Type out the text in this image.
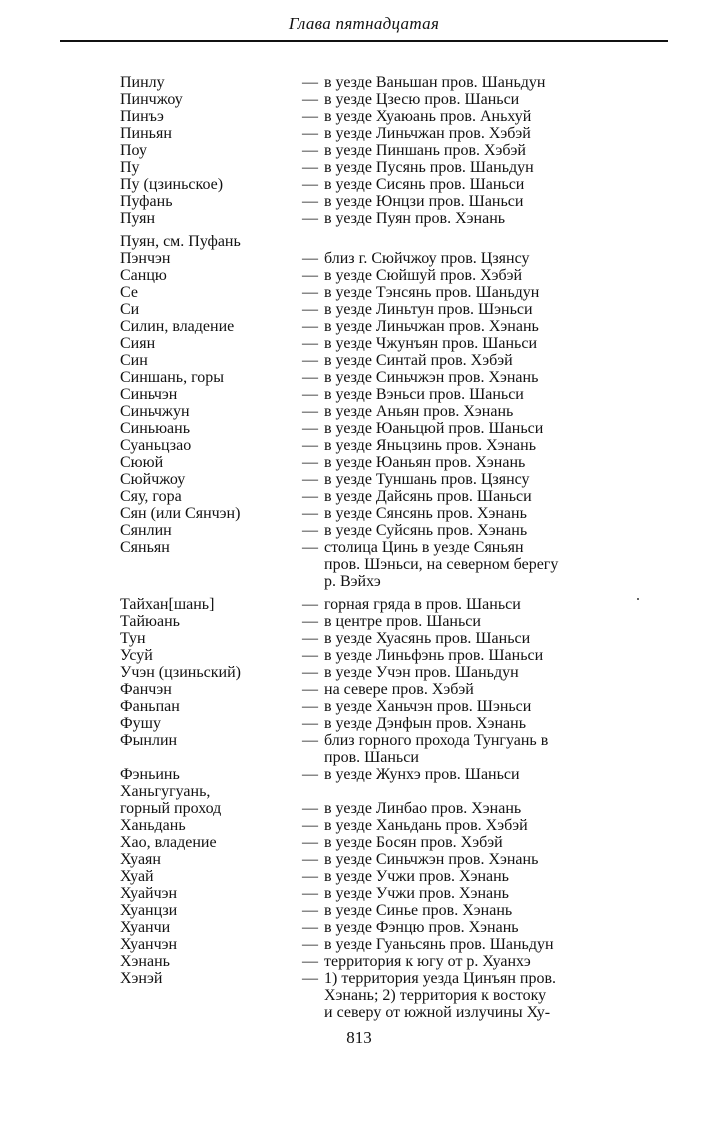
Глава пятнадцатая
Пинлу	— в уезде Ваньшан пров. Шаньдун
Пинчжоу	— в уезде Цзесю пров. Шаньси
Пинъэ	— в уезде Хуаюань пров. Аньхуй
Пиньян	— в уезде Линьчжан пров. Хэбэй
Поу	— в уезде Пиншань пров. Хэбэй
Пу	— в уезде Пусянь пров. Шаньдун
Пу (цзиньское)	— в уезде Сисянь пров. Шаньси
Пуфань	— в уезде Юнцзи пров. Шаньси
Пуян	— в уезде Пуян пров. Хэнань
Пуян, см. Пуфань
Пэнчэн	— близ г. Сюйчжоу пров. Цзянсу
Санцю	— в уезде Сюйшуй пров. Хэбэй
Се	— в уезде Тэнсянь пров. Шаньдун
Си	— в уезде Линьтун пров. Шэньси
Силин, владение	— в уезде Линьчжан пров. Хэнань
Сиян	— в уезде Чжунъян пров. Шаньси
Син	— в уезде Синтай пров. Хэбэй
Синшань, горы	— в уезде Синьчжэн пров. Хэнань
Синьчэн	— в уезде Вэньси пров. Шаньси
Синьчжун	— в уезде Аньян пров. Хэнань
Синьюань	— в уезде Юаньцюй пров. Шаньси
Суаньцзао	— в уезде Яньцзинь пров. Хэнань
Сююй	— в уезде Юаньян пров. Хэнань
Сюйчжоу	— в уезде Туншань пров. Цзянсу
Сяу, гора	— в уезде Дайсянь пров. Шаньси
Сян (или Сянчэн)	— в уезде Сянсянь пров. Хэнань
Сянлин	— в уезде Суйсянь пров. Хэнань
Сяньян	— столица Цинь в уезде Сяньян
пров. Шэньси, на северном берегу
р. Вэйхэ
Тайхан[шань]	— горная гряда в пров. Шаньси
Тайюань	— в центре пров. Шаньси
Тун	— в уезде Хуасянь пров. Шаньси
Усуй	— в уезде Линьфэнь пров. Шаньси
Учэн (цзиньский)	— в уезде Учэн пров. Шаньдун
Фанчэн	— на севере пров. Хэбэй
Фаньпан	— в уезде Ханьчэн пров. Шэньси
Фушу	— в уезде Дэнфын пров. Хэнань
Фынлин	— близ горного прохода Тунгуань в
пров. Шаньси
Фэньинь	— в уезде Жунхэ пров. Шаньси
Ханьгугуань,
горный проход	— в уезде Линбао пров. Хэнань
Ханьдань	— в уезде Ханьдань пров. Хэбэй
Хао, владение	— в уезде Босян пров. Хэбэй
Хуаян	— в уезде Синьчжэн пров. Хэнань
Хуай	— в уезде Учжи пров. Хэнань
Хуайчэн	— в уезде Учжи пров. Хэнань
Хуанцзи	— в уезде Синье пров. Хэнань
Хуанчи	— в уезде Фэнцю пров. Хэнань
Хуанчэн	— в уезде Гуаньсянь пров. Шаньдун
Хэнань	— территория к югу от р. Хуанхэ
Хэнэй	— 1) территория уезда Цинъян пров.
Хэнань; 2) территория к востоку
и северу от южной излучины Ху-
813
